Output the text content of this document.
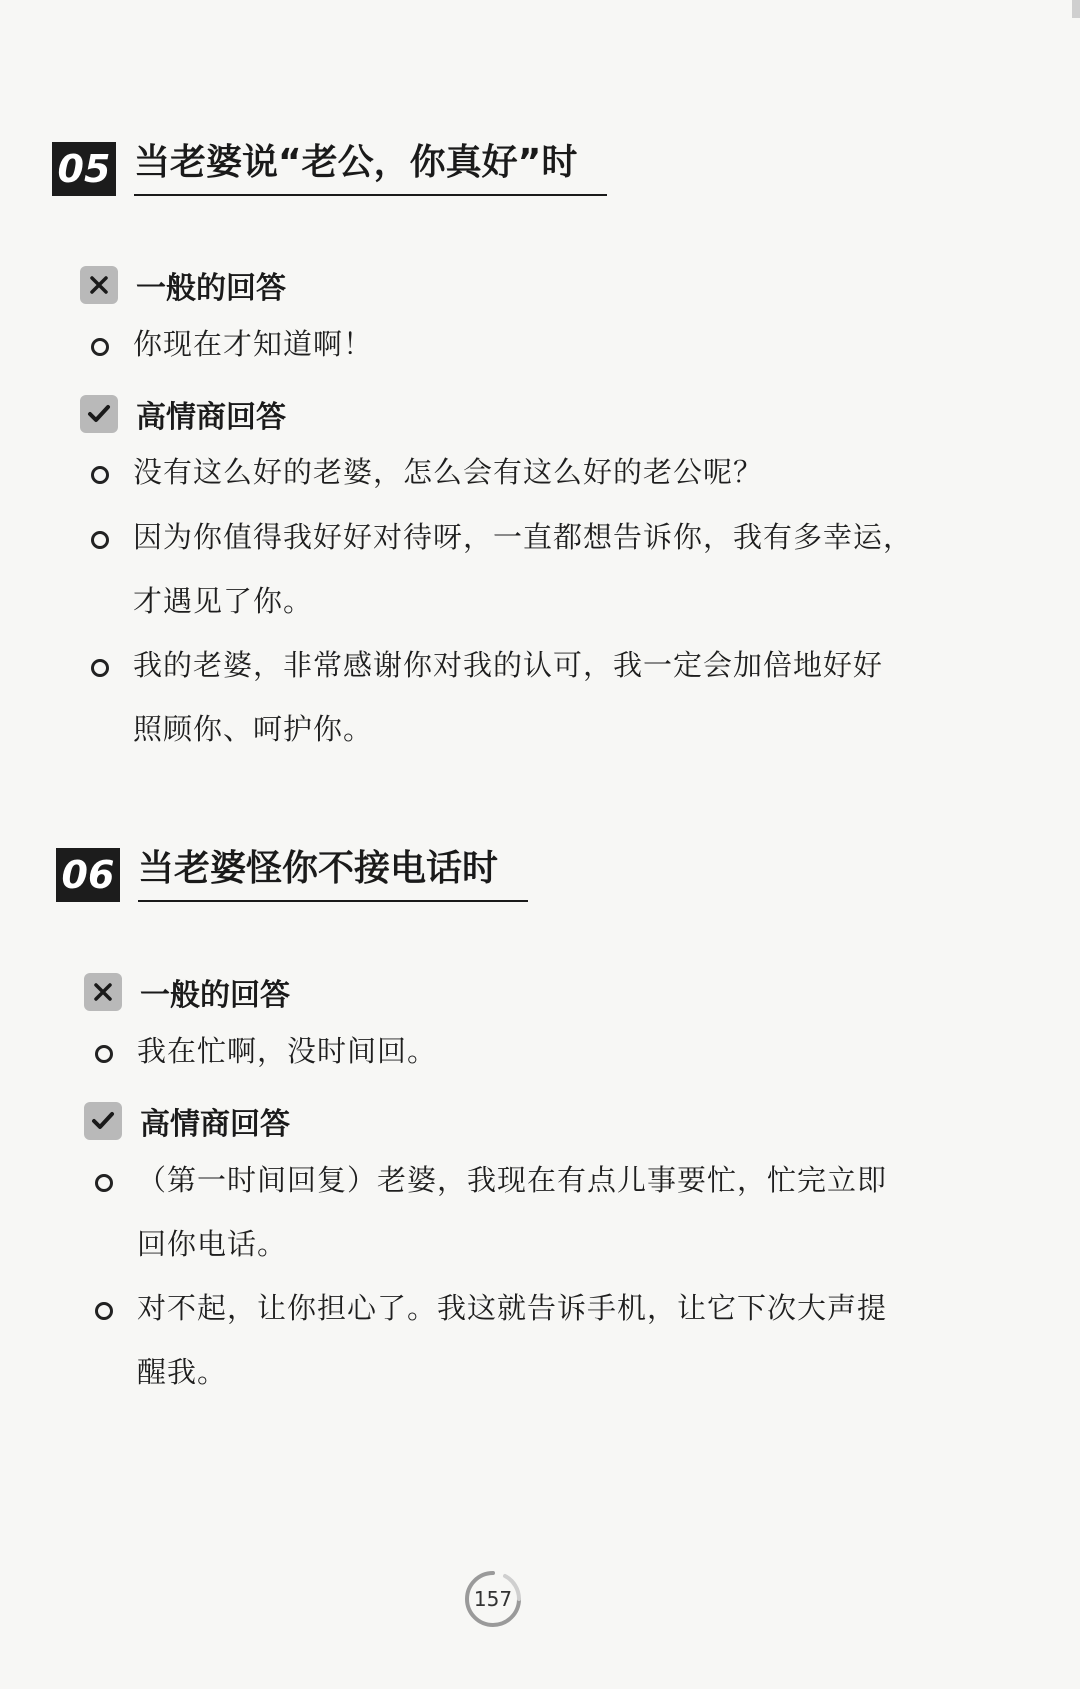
05 当老婆说“老公，你真好”时
一般的回答
你现在才知道啊！
高情商回答
没有这么好的老婆，怎么会有这么好的老公呢？
因为你值得我好好对待呀，一直都想告诉你，我有多幸运，
才遇见了你。
我的老婆，非常感谢你对我的认可，我一定会加倍地好好
照顾你、呵护你。
06 当老婆怪你不接电话时
一般的回答
我在忙啊，没时间回。
高情商回答
（第一时间回复）老婆，我现在有点儿事要忙，忙完立即
回你电话。
对不起，让你担心了。我这就告诉手机，让它下次大声提
醒我。
157
